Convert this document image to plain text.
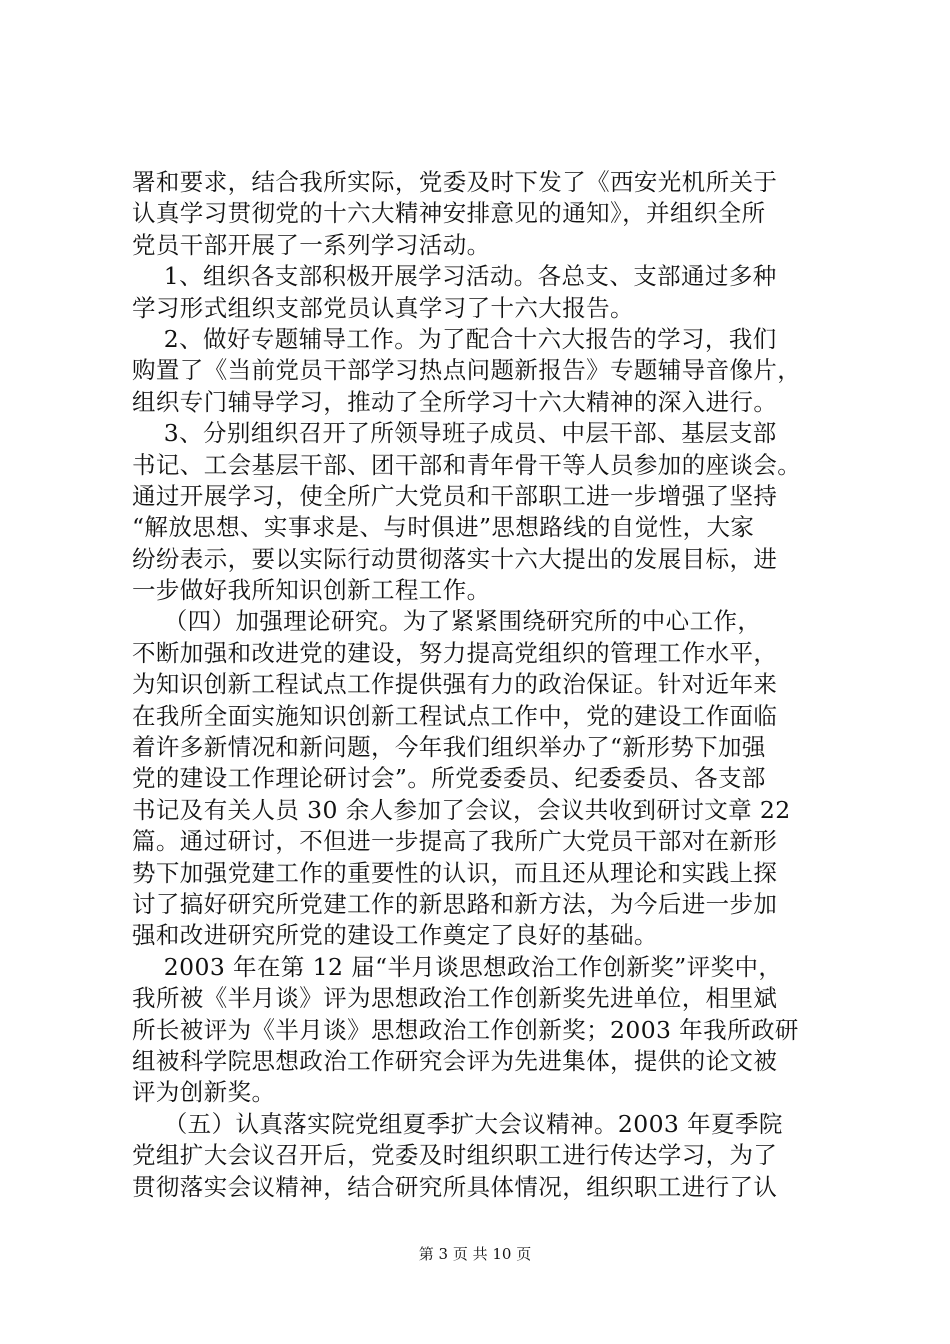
署和要求，结合我所实际，党委及时下发了《西安光机所关于
认真学习贯彻党的十六大精神安排意见的通知》，并组织全所
党员干部开展了一系列学习活动。
　 1、组织各支部积极开展学习活动。各总支、支部通过多种
学习形式组织支部党员认真学习了十六大报告。
　 2、做好专题辅导工作。为了配合十六大报告的学习，我们
购置了《当前党员干部学习热点问题新报告》专题辅导音像片，
组织专门辅导学习，推动了全所学习十六大精神的深入进行。
　 3、分别组织召开了所领导班子成员、中层干部、基层支部
书记、工会基层干部、团干部和青年骨干等人员参加的座谈会。
通过开展学习，使全所广大党员和干部职工进一步增强了坚持
“解放思想、实事求是、与时俱进”思想路线的自觉性，大家
纷纷表示，要以实际行动贯彻落实十六大提出的发展目标，进
一步做好我所知识创新工程工作。
　 （四）加强理论研究。为了紧紧围绕研究所的中心工作，
不断加强和改进党的建设，努力提高党组织的管理工作水平，
为知识创新工程试点工作提供强有力的政治保证。针对近年来
在我所全面实施知识创新工程试点工作中，党的建设工作面临
着许多新情况和新问题，今年我们组织举办了“新形势下加强
党的建设工作理论研讨会”。所党委委员、纪委委员、各支部
书记及有关人员 30 余人参加了会议，会议共收到研讨文章 22
篇。通过研讨，不但进一步提高了我所广大党员干部对在新形
势下加强党建工作的重要性的认识，而且还从理论和实践上探
讨了搞好研究所党建工作的新思路和新方法，为今后进一步加
强和改进研究所党的建设工作奠定了良好的基础。
　 2003 年在第 12 届“半月谈思想政治工作创新奖”评奖中，
我所被《半月谈》评为思想政治工作创新奖先进单位，相里斌
所长被评为《半月谈》思想政治工作创新奖；2003 年我所政研
组被科学院思想政治工作研究会评为先进集体，提供的论文被
评为创新奖。
　 （五）认真落实院党组夏季扩大会议精神。2003 年夏季院
党组扩大会议召开后，党委及时组织职工进行传达学习，为了
贯彻落实会议精神，结合研究所具体情况，组织职工进行了认
第 3 页 共 10 页
